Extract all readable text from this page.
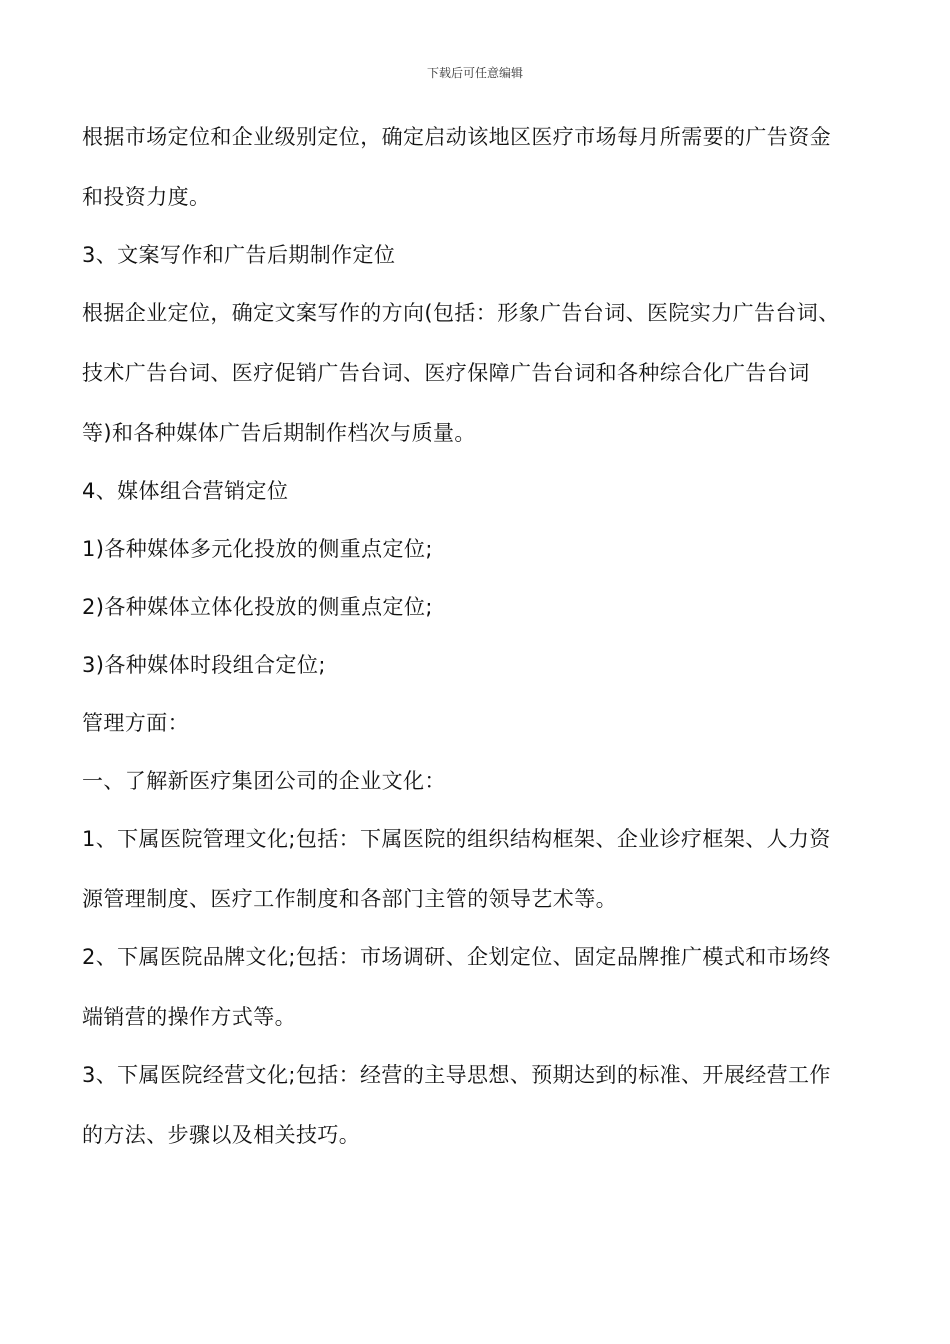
下载后可任意编辑
根据市场定位和企业级别定位，确定启动该地区医疗市场每月所需要的广告资金
和投资力度。
3、文案写作和广告后期制作定位
根据企业定位，确定文案写作的方向(包括：形象广告台词、医院实力广告台词、
技术广告台词、医疗促销广告台词、医疗保障广告台词和各种综合化广告台词
等)和各种媒体广告后期制作档次与质量。
4、媒体组合营销定位
1)各种媒体多元化投放的侧重点定位;
2)各种媒体立体化投放的侧重点定位;
3)各种媒体时段组合定位;
管理方面：
一、了解新医疗集团公司的企业文化：
1、下属医院管理文化;包括：下属医院的组织结构框架、企业诊疗框架、人力资
源管理制度、医疗工作制度和各部门主管的领导艺术等。
2、下属医院品牌文化;包括：市场调研、企划定位、固定品牌推广模式和市场终
端销营的操作方式等。
3、下属医院经营文化;包括：经营的主导思想、预期达到的标准、开展经营工作
的方法、步骤以及相关技巧。
